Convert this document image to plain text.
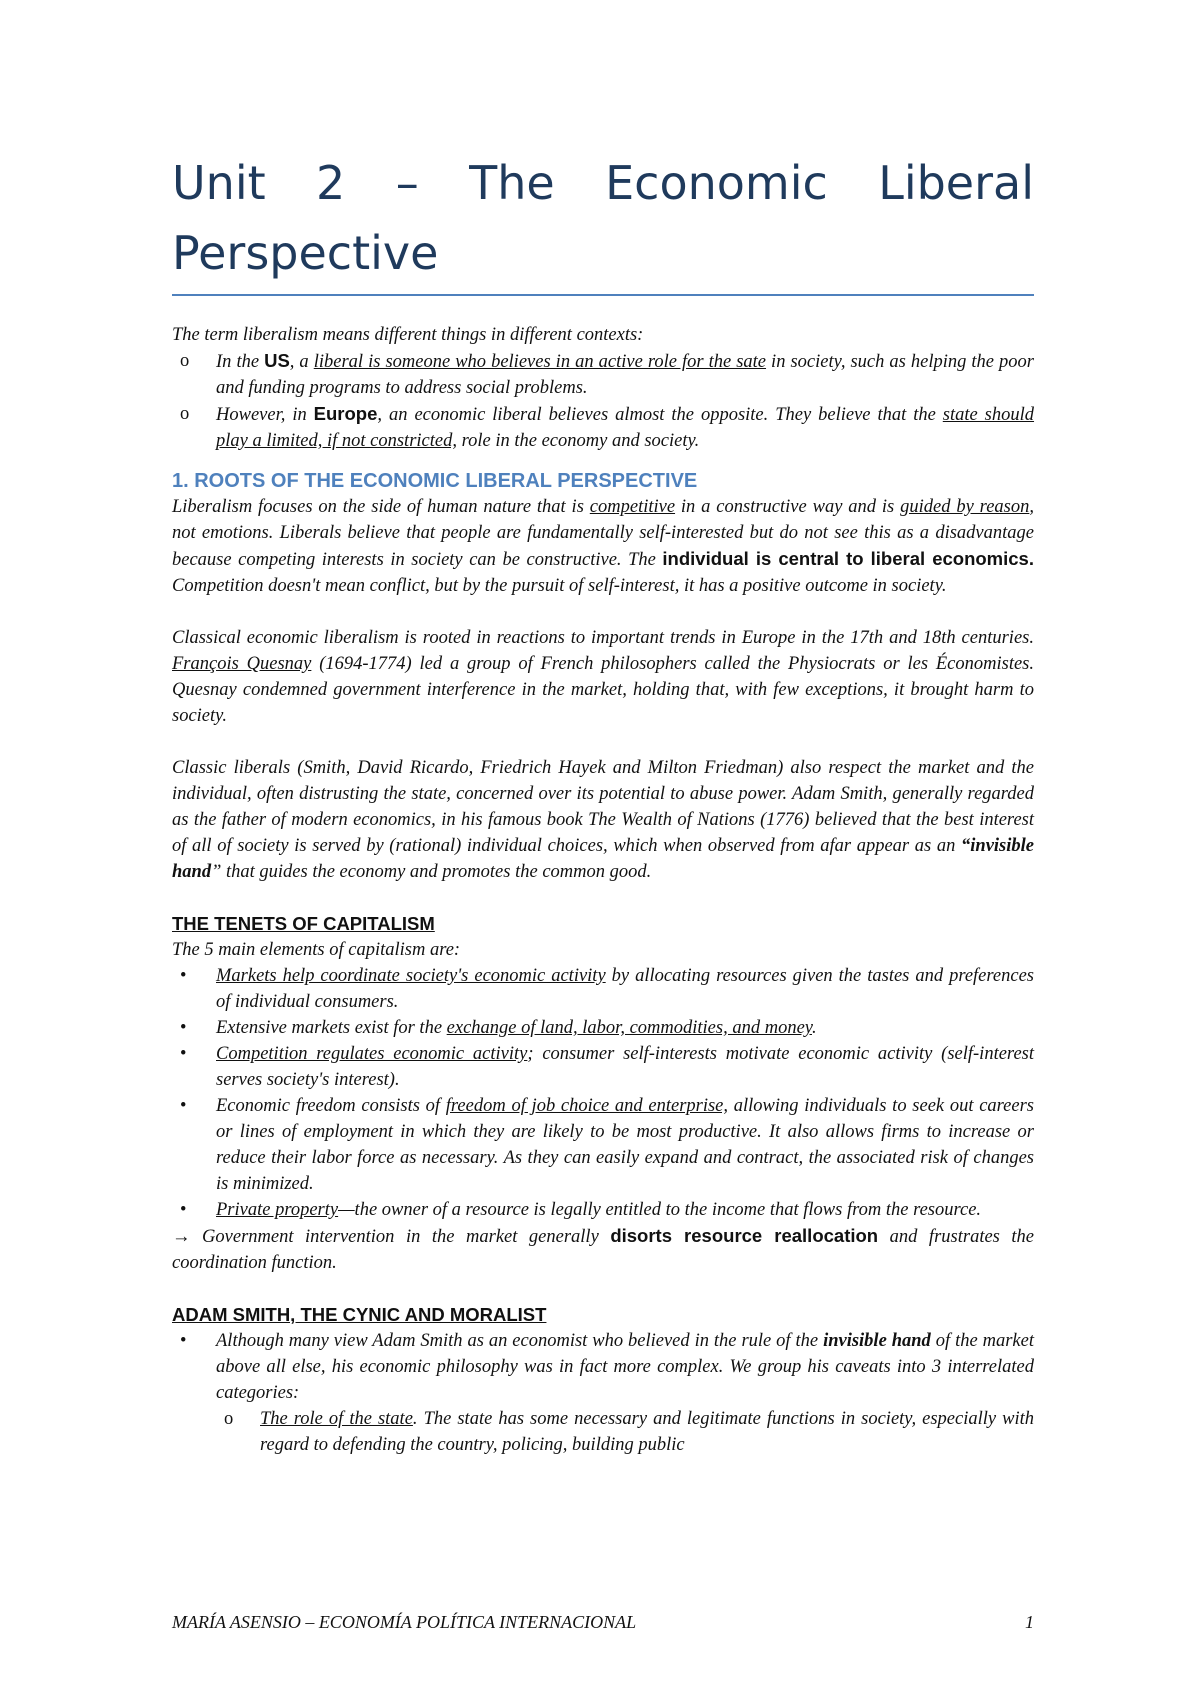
Unit 2 – The Economic Liberal Perspective

The term liberalism means different things in different contexts:

o In the US, a liberal is someone who believes in an active role for the sate in society, such as helping the poor and funding programs to address social problems.
o However, in Europe, an economic liberal believes almost the opposite. They believe that the state should play a limited, if not constricted, role in the economy and society.
1. ROOTS OF THE ECONOMIC LIBERAL PERSPECTIVE

Liberalism focuses on the side of human nature that is competitive in a constructive way and is guided by reason, not emotions. Liberals believe that people are fundamentally self-interested but do not see this as a disadvantage because competing interests in society can be constructive. The individual is central to liberal economics. Competition doesn't mean conflict, but by the pursuit of self-interest, it has a positive outcome in society.

Classical economic liberalism is rooted in reactions to important trends in Europe in the 17th and 18th centuries. François Quesnay (1694-1774) led a group of French philosophers called the Physiocrats or les Économistes. Quesnay condemned government interference in the market, holding that, with few exceptions, it brought harm to society.

Classic liberals (Smith, David Ricardo, Friedrich Hayek and Milton Friedman) also respect the market and the individual, often distrusting the state, concerned over its potential to abuse power. Adam Smith, generally regarded as the father of modern economics, in his famous book The Wealth of Nations (1776) believed that the best interest of all of society is served by (rational) individual choices, which when observed from afar appear as an “invisible hand” that guides the economy and promotes the common good.

THE TENETS OF CAPITALISM

The 5 main elements of capitalism are:

• Markets help coordinate society's economic activity by allocating resources given the tastes and preferences of individual consumers.
• Extensive markets exist for the exchange of land, labor, commodities, and money.
• Competition regulates economic activity; consumer self-interests motivate economic activity (self-interest serves society's interest).
• Economic freedom consists of freedom of job choice and enterprise, allowing individuals to seek out careers or lines of employment in which they are likely to be most productive. It also allows firms to increase or reduce their labor force as necessary. As they can easily expand and contract, the associated risk of changes is minimized.
• Private property—the owner of a resource is legally entitled to the income that flows from the resource.

→ Government intervention in the market generally disorts resource reallocation and frustrates the coordination function.

ADAM SMITH, THE CYNIC AND MORALIST
• Although many view Adam Smith as an economist who believed in the rule of the invisible hand of the market above all else, his economic philosophy was in fact more complex. We group his caveats into 3 interrelated categories:
o The role of the state. The state has some necessary and legitimate functions in society, especially with regard to defending the country, policing, building public
MARÍA ASENSIO – ECONOMÍA POLÍTICA INTERNACIONAL	1
